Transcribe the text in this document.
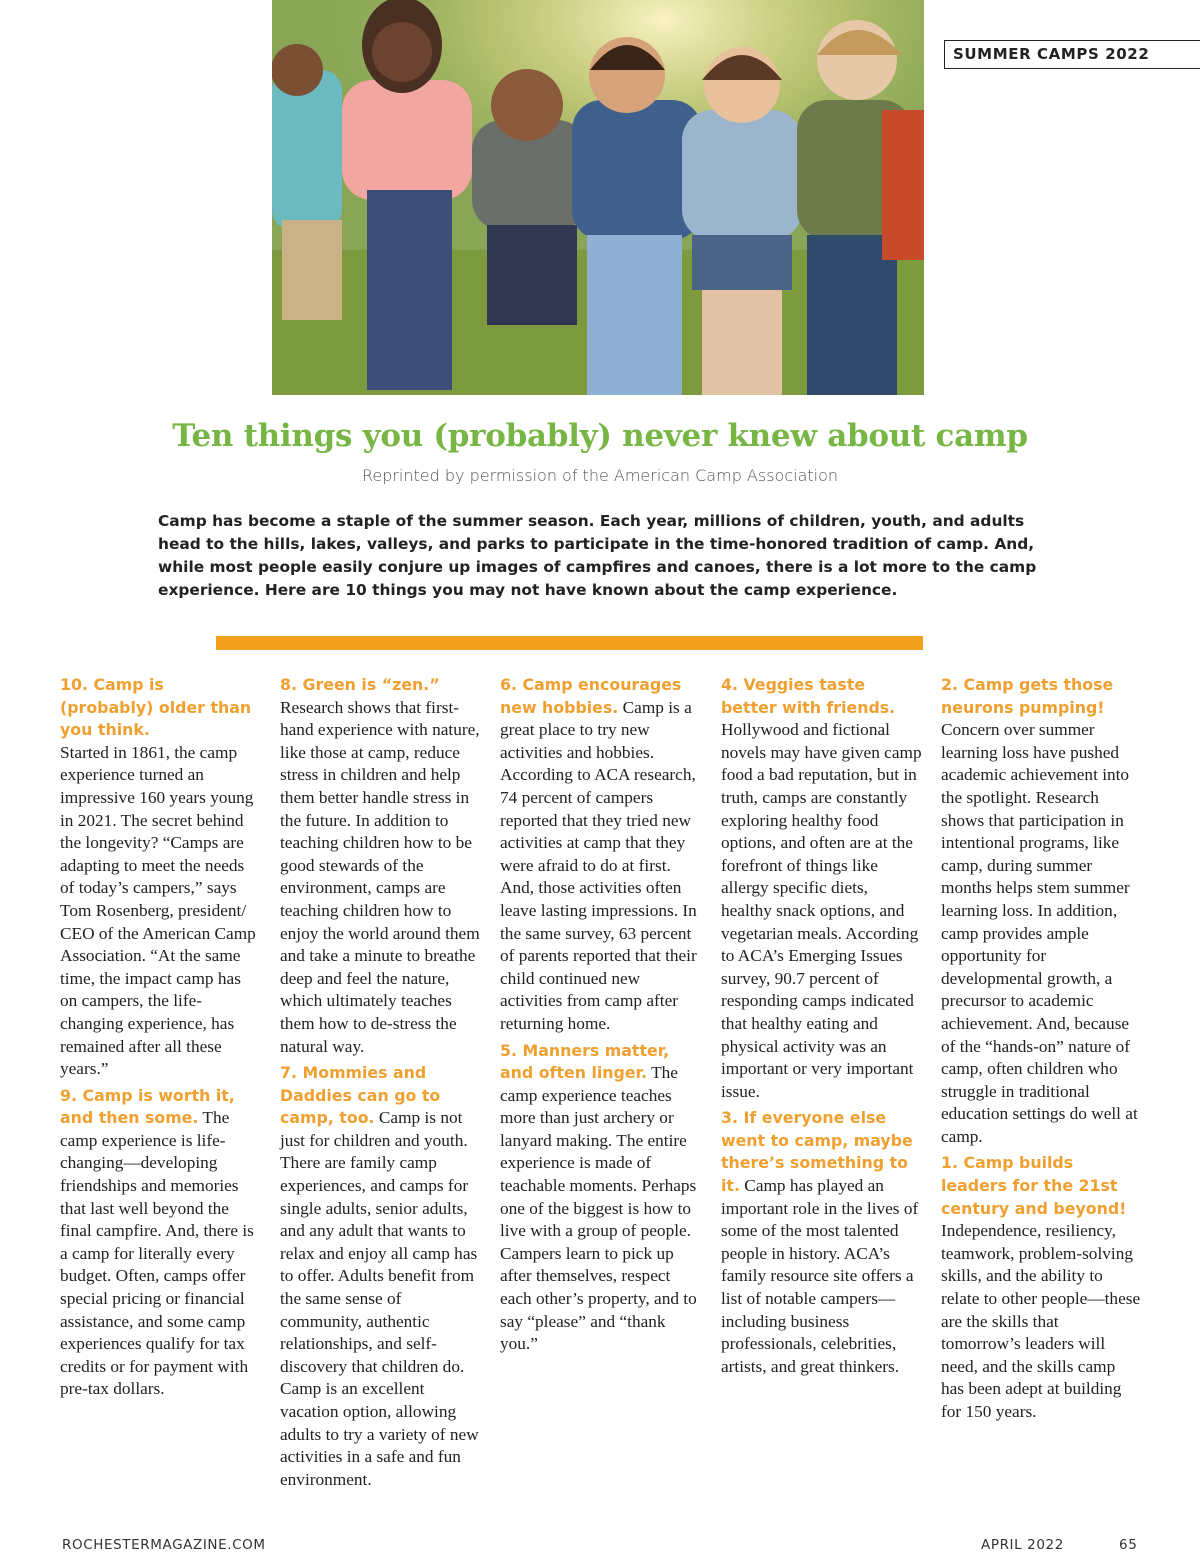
SUMMER CAMPS 2022
Ten things you (probably) never knew about camp
Reprinted by permission of the American Camp Association

Camp has become a staple of the summer season. Each year, millions of children, youth, and adults head to the hills, lakes, valleys, and parks to participate in the time-honored tradition of camp. And, while most people easily conjure up images of campfires and canoes, there is a lot more to the camp experience. Here are 10 things you may not have known about the camp experience.

10. Camp is (probably) older than you think.
Started in 1861, the camp experience turned an impressive 160 years young in 2021. The secret behind the longevity? “Camps are adapting to meet the needs of today’s campers,” says Tom Rosenberg, president/ CEO of the American Camp Association. “At the same time, the impact camp has on campers, the life-changing experience, has remained after all these years.”

9. Camp is worth it, and then some. The camp experience is life-changing—developing friendships and memories that last well beyond the final campfire. And, there is a camp for literally every budget. Often, camps offer special pricing or financial assistance, and some camp experiences qualify for tax credits or for payment with pre-tax dollars.

8. Green is “zen.”
Research shows that first-hand experience with nature, like those at camp, reduce stress in children and help them better handle stress in the future. In addition to teaching children how to be good stewards of the environment, camps are teaching children how to enjoy the world around them and take a minute to breathe deep and feel the nature, which ultimately teaches them how to de-stress the natural way.

7. Mommies and Daddies can go to camp, too. Camp is not just for children and youth. There are family camp experiences, and camps for single adults, senior adults, and any adult that wants to relax and enjoy all camp has to offer. Adults benefit from the same sense of community, authentic relationships, and self-discovery that children do. Camp is an excellent vacation option, allowing adults to try a variety of new activities in a safe and fun environment.

6. Camp encourages new hobbies. Camp is a great place to try new activities and hobbies. According to ACA research, 74 percent of campers reported that they tried new activities at camp that they were afraid to do at first. And, those activities often leave lasting impressions. In the same survey, 63 percent of parents reported that their child continued new activities from camp after returning home.

5. Manners matter, and often linger. The camp experience teaches more than just archery or lanyard making. The entire experience is made of teachable moments. Perhaps one of the biggest is how to live with a group of people. Campers learn to pick up after themselves, respect each other’s property, and to say “please” and “thank you.”

4. Veggies taste better with friends.
Hollywood and fictional novels may have given camp food a bad reputation, but in truth, camps are constantly exploring healthy food options, and often are at the forefront of things like allergy specific diets, healthy snack options, and vegetarian meals. According to ACA’s Emerging Issues survey, 90.7 percent of responding camps indicated that healthy eating and physical activity was an important or very important issue.

3. If everyone else went to camp, maybe there’s something to it. Camp has played an important role in the lives of some of the most talented people in history. ACA’s family resource site offers a list of notable campers—including business professionals, celebrities, artists, and great thinkers.

2. Camp gets those neurons pumping!
Concern over summer learning loss have pushed academic achievement into the spotlight. Research shows that participation in intentional programs, like camp, during summer months helps stem summer learning loss. In addition, camp provides ample opportunity for developmental growth, a precursor to academic achievement. And, because of the “hands-on” nature of camp, often children who struggle in traditional education settings do well at camp.

1. Camp builds leaders for the 21st century and beyond!
Independence, resiliency, teamwork, problem-solving skills, and the ability to relate to other people—these are the skills that tomorrow’s leaders will need, and the skills camp has been adept at building for 150 years.

ROCHESTERMAGAZINE.COM	APRIL 2022	65
